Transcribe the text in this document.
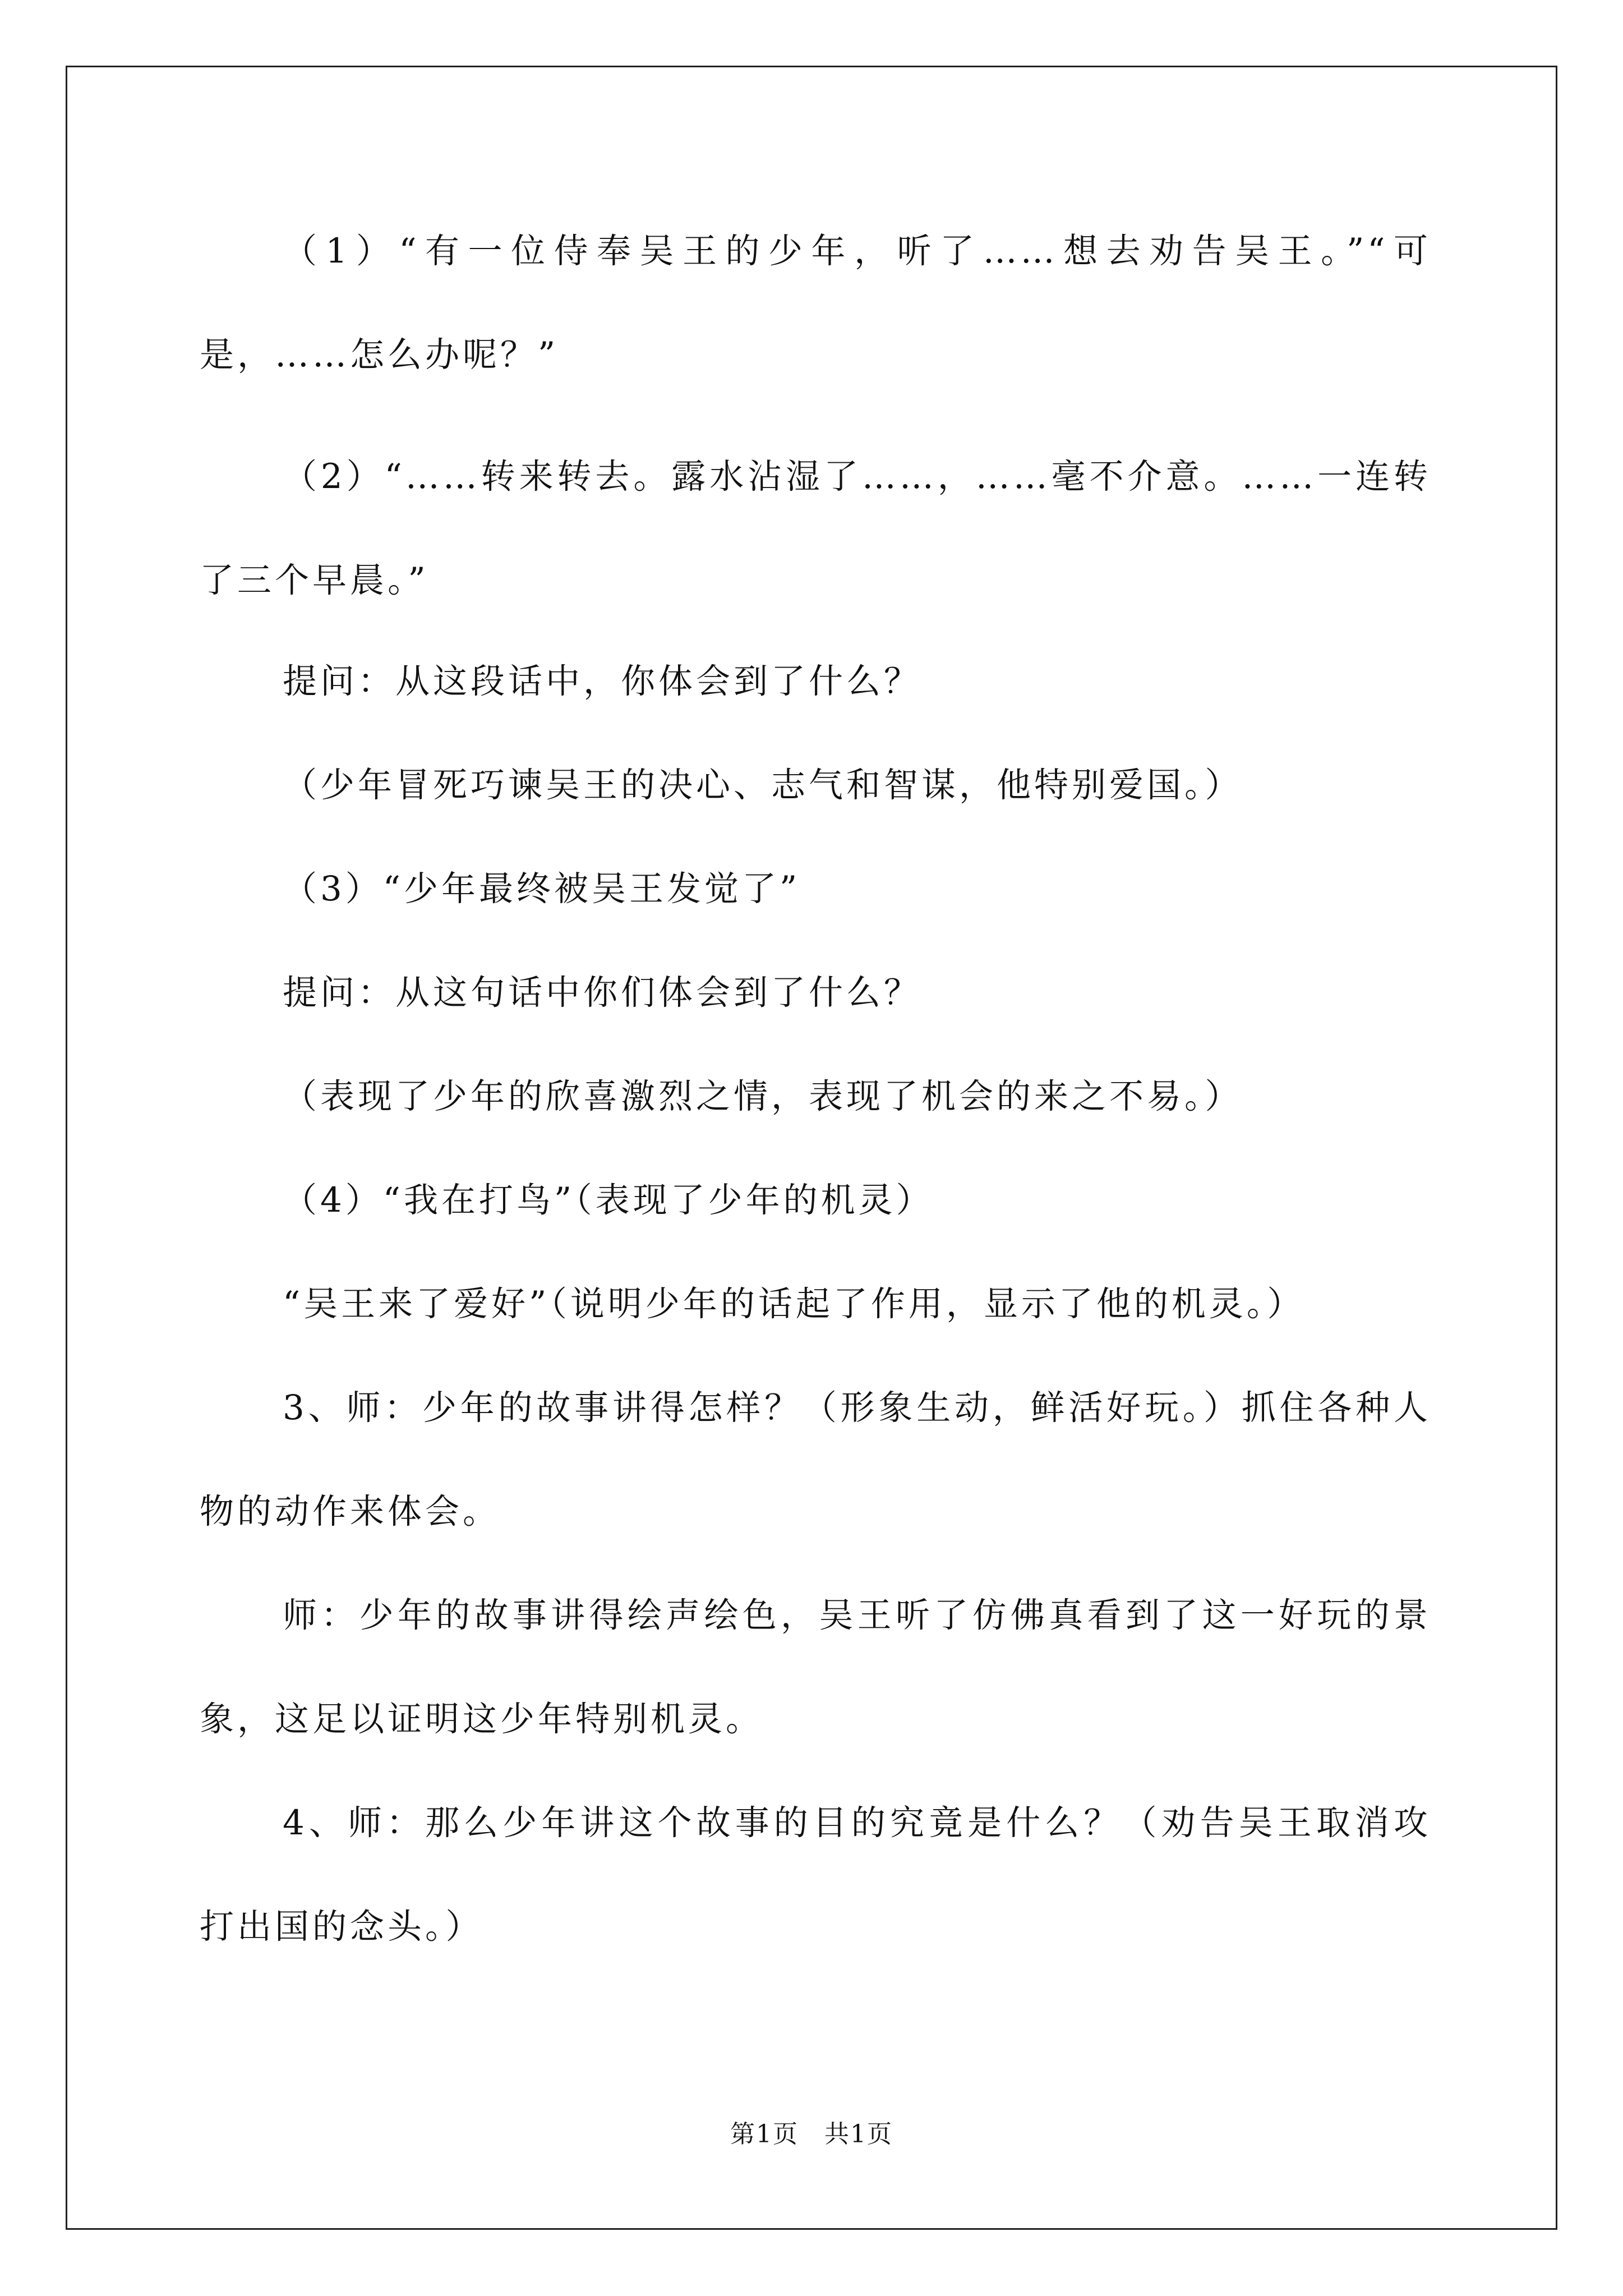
（1）“有一位侍奉吴王的少年，听了……想去劝告吴王。”“可是，……怎么办呢？”

（2）“……转来转去。露水沾湿了……，……毫不介意。……一连转了三个早晨。”

提问：从这段话中，你体会到了什么？

（少年冒死巧谏吴王的决心、志气和智谋，他特别爱国。）

（3）“少年最终被吴王发觉了”

提问：从这句话中你们体会到了什么？

（表现了少年的欣喜激烈之情，表现了机会的来之不易。）

（4）“我在打鸟”（表现了少年的机灵）

“吴王来了爱好”（说明少年的话起了作用，显示了他的机灵。）

3、师：少年的故事讲得怎样？（形象生动，鲜活好玩。）抓住各种人物的动作来体会。

师：少年的故事讲得绘声绘色，吴王听了仿佛真看到了这一好玩的景象，这足以证明这少年特别机灵。

4、师：那么少年讲这个故事的目的究竟是什么？（劝告吴王取消攻打出国的念头。）

第1页　共1页
